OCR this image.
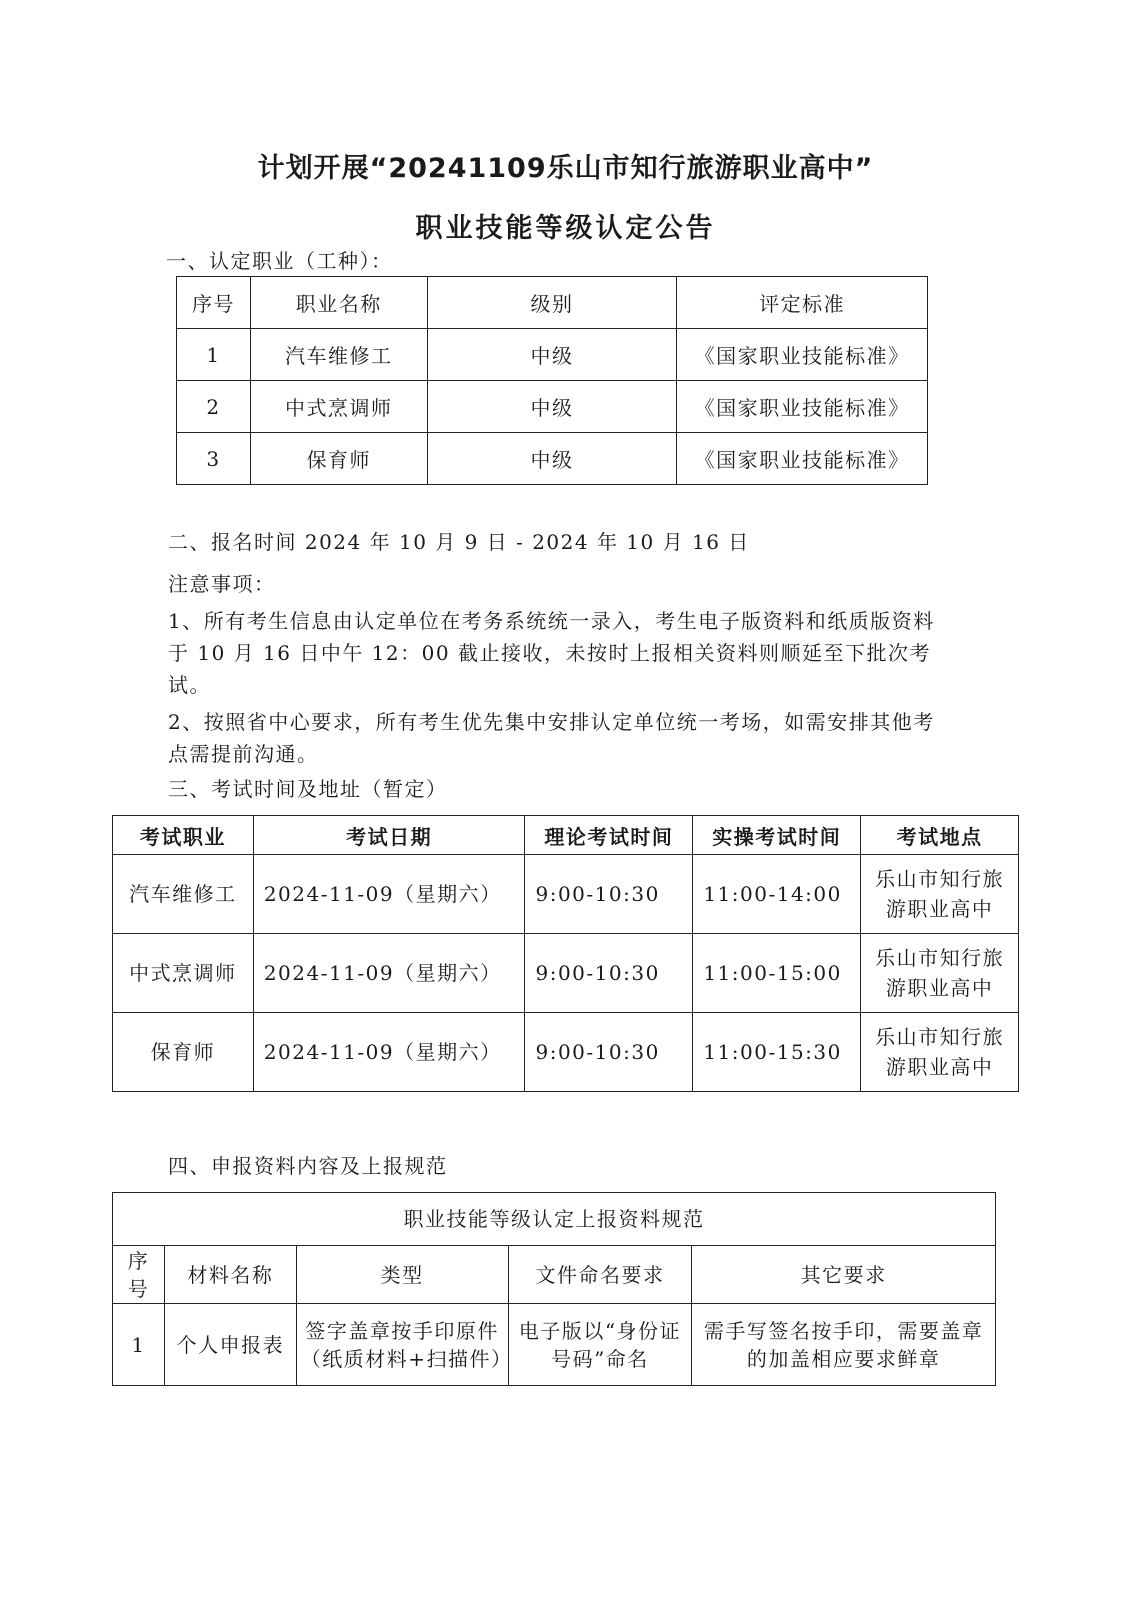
计划开展“20241109乐山市知行旅游职业高中”
职业技能等级认定公告
一、认定职业（工种）：
序号	职业名称	级别	评定标准
1	汽车维修工	中级	《国家职业技能标准》
2	中式烹调师	中级	《国家职业技能标准》
3	保育师	中级	《国家职业技能标准》
二、报名时间 2024 年 10 月 9 日 - 2024 年 10 月 16 日
注意事项：
1、所有考生信息由认定单位在考务系统统一录入，考生电子版资料和纸质版资料于 10 月 16 日中午 12：00 截止接收，未按时上报相关资料则顺延至下批次考试。
2、按照省中心要求，所有考生优先集中安排认定单位统一考场，如需安排其他考点需提前沟通。
三、考试时间及地址（暂定）
考试职业	考试日期	理论考试时间	实操考试时间	考试地点
汽车维修工	2024-11-09（星期六）	9:00-10:30	11:00-14:00	乐山市知行旅游职业高中
中式烹调师	2024-11-09（星期六）	9:00-10:30	11:00-15:00	乐山市知行旅游职业高中
保育师	2024-11-09（星期六）	9:00-10:30	11:00-15:30	乐山市知行旅游职业高中
四、申报资料内容及上报规范
职业技能等级认定上报资料规范				
序号	材料名称	类型	文件命名要求	其它要求
1	个人申报表	签字盖章按手印原件（纸质材料+扫描件）	电子版以“身份证号码”命名	需手写签名按手印，需要盖章的加盖相应要求鲜章
